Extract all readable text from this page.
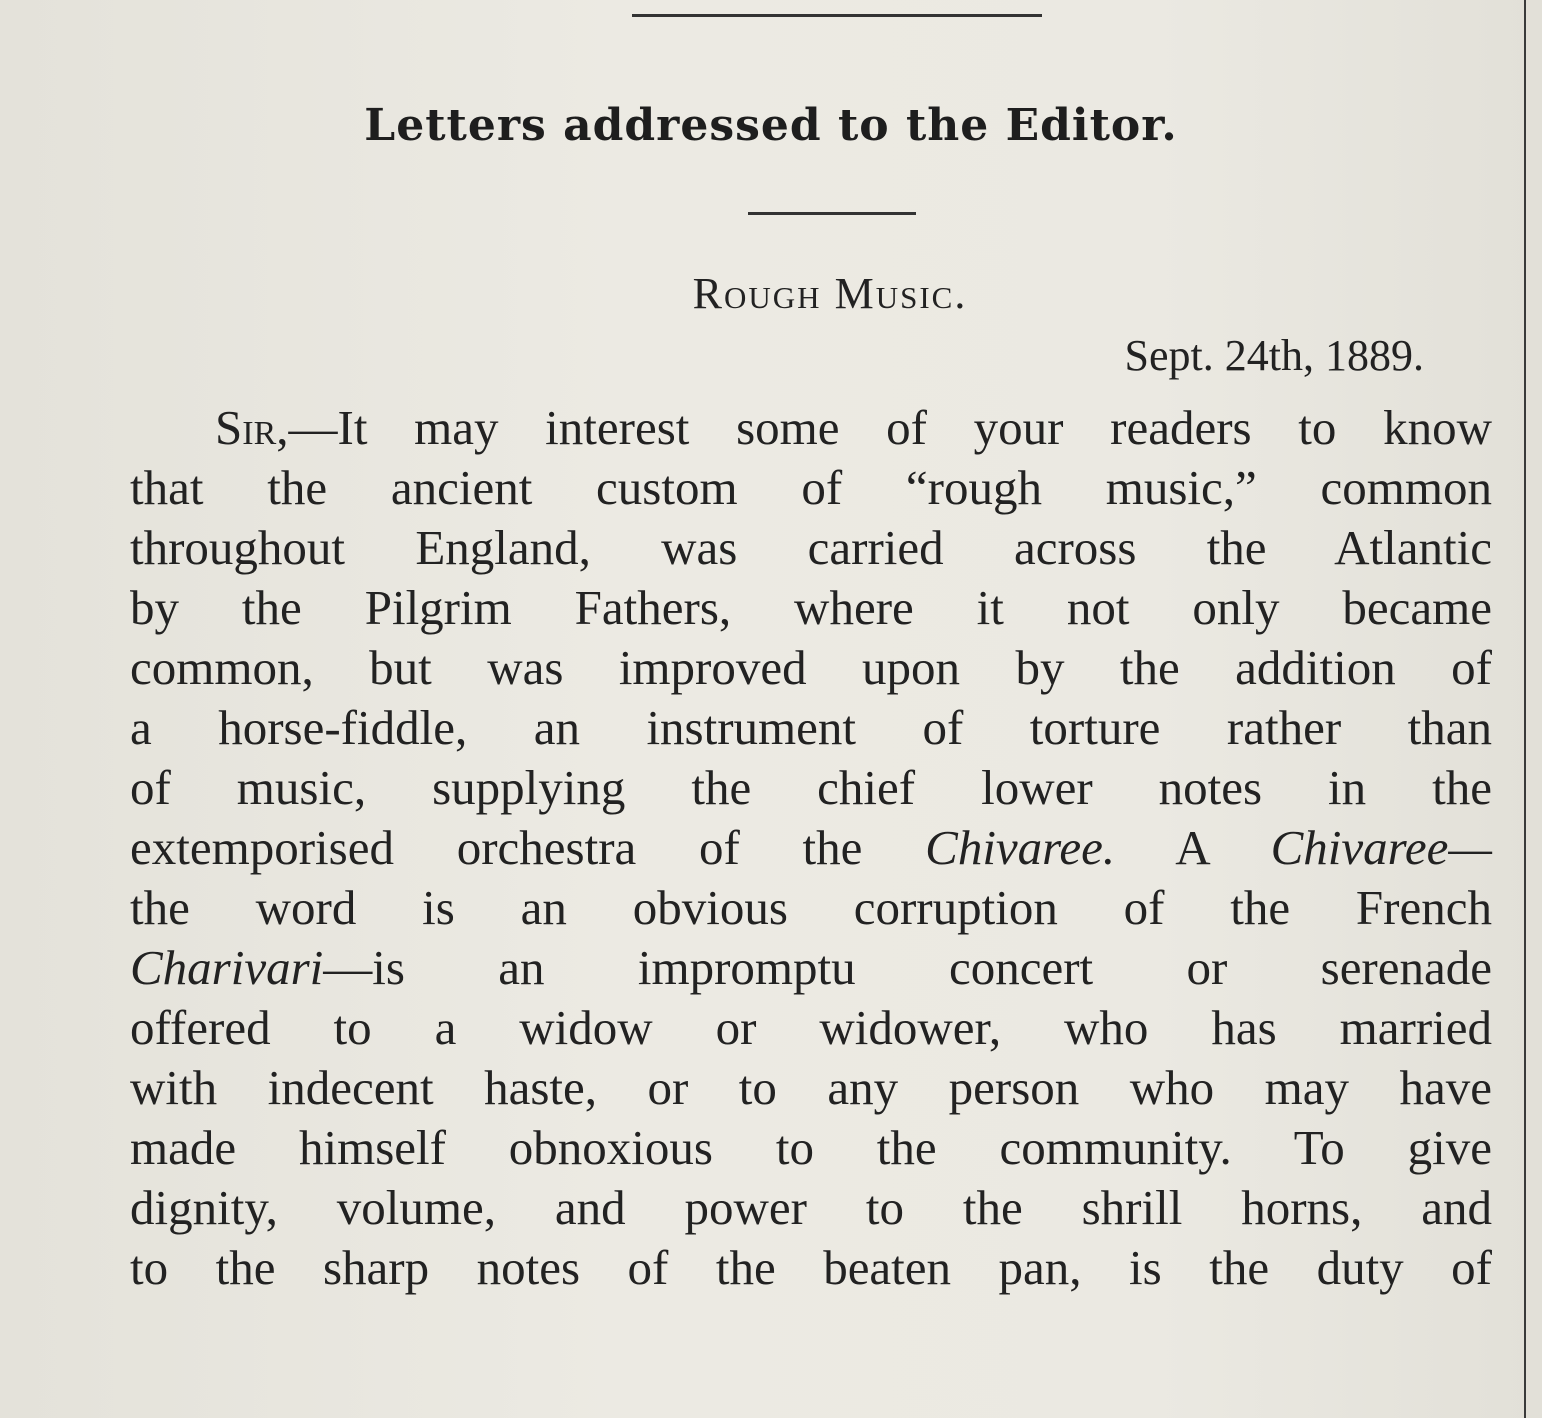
Letters addressed to the Editor.
Rough Music.
Sept. 24th, 1889.
Sir,—It may interest some of your readers to know
that the ancient custom of “rough music,” common
throughout England, was carried across the Atlantic
by the Pilgrim Fathers, where it not only became
common, but was improved upon by the addition of
a horse-fiddle, an instrument of torture rather than
of music, supplying the chief lower notes in the
extemporised orchestra of the Chivaree. A Chivaree—
the word is an obvious corruption of the French
Charivari—is an impromptu concert or serenade
offered to a widow or widower, who has married
with indecent haste, or to any person who may have
made himself obnoxious to the community. To give
dignity, volume, and power to the shrill horns, and
to the sharp notes of the beaten pan, is the duty of
